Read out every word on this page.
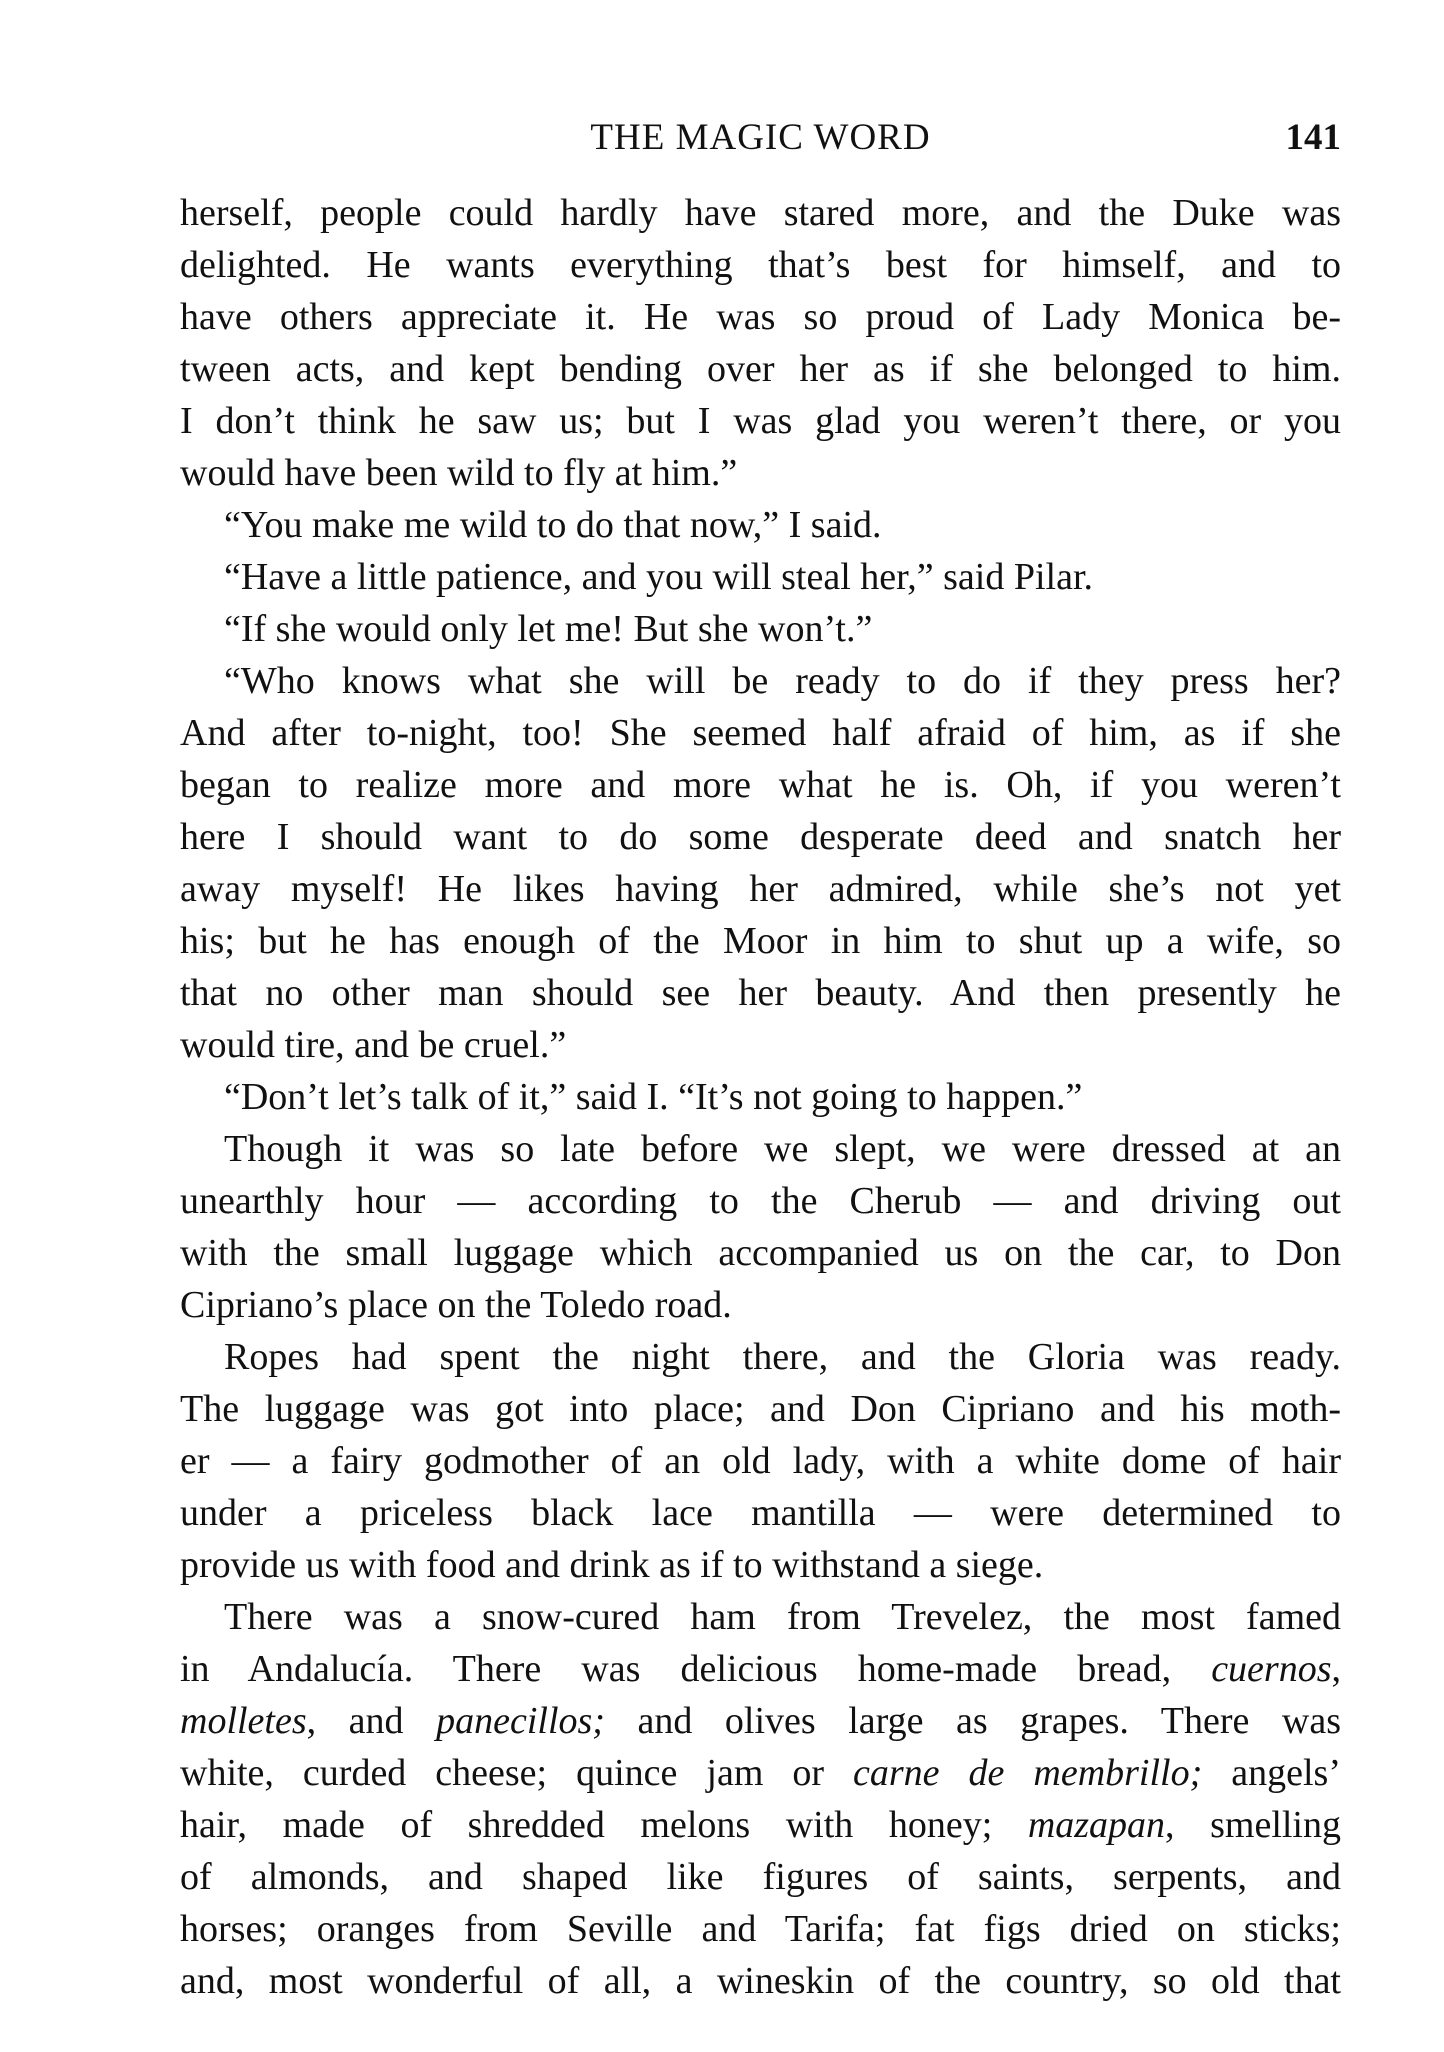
THE MAGIC WORD	141
herself, people could hardly have stared more, and the Duke was
delighted. He wants everything that’s best for himself, and to
have others appreciate it. He was so proud of Lady Monica be-
tween acts, and kept bending over her as if she belonged to him.
I don’t think he saw us; but I was glad you weren’t there, or you
would have been wild to fly at him.”
“You make me wild to do that now,” I said.
“Have a little patience, and you will steal her,” said Pilar.
“If she would only let me! But she won’t.”
“Who knows what she will be ready to do if they press her?
And after to-night, too! She seemed half afraid of him, as if she
began to realize more and more what he is. Oh, if you weren’t
here I should want to do some desperate deed and snatch her
away myself! He likes having her admired, while she’s not yet
his; but he has enough of the Moor in him to shut up a wife, so
that no other man should see her beauty. And then presently he
would tire, and be cruel.”
“Don’t let’s talk of it,” said I. “It’s not going to happen.”
Though it was so late before we slept, we were dressed at an
unearthly hour — according to the Cherub — and driving out
with the small luggage which accompanied us on the car, to Don
Cipriano’s place on the Toledo road.
Ropes had spent the night there, and the Gloria was ready.
The luggage was got into place; and Don Cipriano and his moth-
er — a fairy godmother of an old lady, with a white dome of hair
under a priceless black lace mantilla — were determined to
provide us with food and drink as if to withstand a siege.
There was a snow-cured ham from Trevelez, the most famed
in Andalucía. There was delicious home-made bread, cuernos,
molletes, and panecillos; and olives large as grapes. There was
white, curded cheese; quince jam or carne de membrillo; angels’
hair, made of shredded melons with honey; mazapan, smelling
of almonds, and shaped like figures of saints, serpents, and
horses; oranges from Seville and Tarifa; fat figs dried on sticks;
and, most wonderful of all, a wineskin of the country, so old that
